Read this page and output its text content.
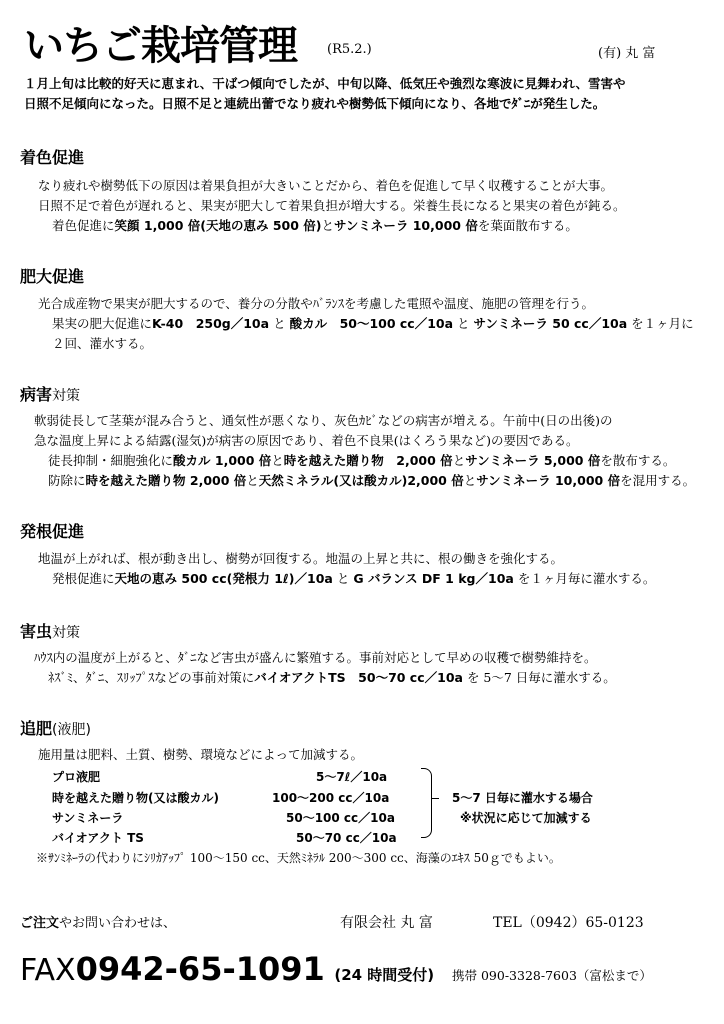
いちご栽培管理 (R5.2.)	(有) 丸 富
１月上旬は比較的好天に恵まれ、干ばつ傾向でしたが、中旬以降、低気圧や強烈な寒波に見舞われ、雪害や
日照不足傾向になった。日照不足と連続出蕾でなり疲れや樹勢低下傾向になり、各地でﾀﾞﾆが発生した。
着色促進
なり疲れや樹勢低下の原因は着果負担が大きいことだから、着色を促進して早く収穫することが大事。
日照不足で着色が遅れると、果実が肥大して着果負担が増大する。栄養生長になると果実の着色が鈍る。
着色促進に笑顔 1,000 倍(天地の恵み 500 倍)とサンミネーラ 10,000 倍を葉面散布する。
肥大促進
光合成産物で果実が肥大するので、養分の分散やﾊﾞﾗﾝｽを考慮した電照や温度、施肥の管理を行う。
果実の肥大促進にK-40　250g／10a と 酸カル　50～100 cc／10a と サンミネーラ 50 cc／10a を１ヶ月に
２回、灌水する。
病害対策
軟弱徒長して茎葉が混み合うと、通気性が悪くなり、灰色ｶﾋﾞなどの病害が増える。午前中(日の出後)の
急な温度上昇による結露(湿気)が病害の原因であり、着色不良果(はくろう果など)の要因である。
徒長抑制・細胞強化に酸カル 1,000 倍と時を越えた贈り物　2,000 倍とサンミネーラ 5,000 倍を散布する。
防除に時を越えた贈り物 2,000 倍と天然ミネラル(又は酸カル)2,000 倍とサンミネーラ 10,000 倍を混用する。
発根促進
地温が上がれば、根が動き出し、樹勢が回復する。地温の上昇と共に、根の働きを強化する。
発根促進に天地の恵み 500 cc(発根力 1ℓ)／10a と G バランス DF 1 kg／10a を１ヶ月毎に灌水する。
害虫対策
ﾊｳｽ内の温度が上がると、ﾀﾞﾆなど害虫が盛んに繁殖する。事前対応として早めの収穫で樹勢維持を。
ﾈｽﾞﾐ、ﾀﾞﾆ、ｽﾘｯﾌﾟｽなどの事前対策にバイオアクトTS　50～70 cc／10a を 5～7 日毎に灌水する。
追肥(液肥)
施用量は肥料、土質、樹勢、環境などによって加減する。
プロ液肥	5～7ℓ／10a
時を越えた贈り物(又は酸カル)	100～200 cc／10a
サンミネーラ	50～100 cc／10a
バイオアクト TS	50～70 cc／10a
5～7 日毎に灌水する場合
※状況に応じて加減する
※ｻﾝﾐﾈｰﾗの代わりにｼﾘｶｱｯﾌﾟ 100～150 cc、天然ﾐﾈﾗﾙ 200～300 cc、海藻のｴｷｽ 50ｇでもよい。
ご注文やお問い合わせは、	有限会社 丸 富	TEL（0942）65-0123
FAX0942-65-1091 (24 時間受付) 携帯 090-3328-7603（富松まで）
